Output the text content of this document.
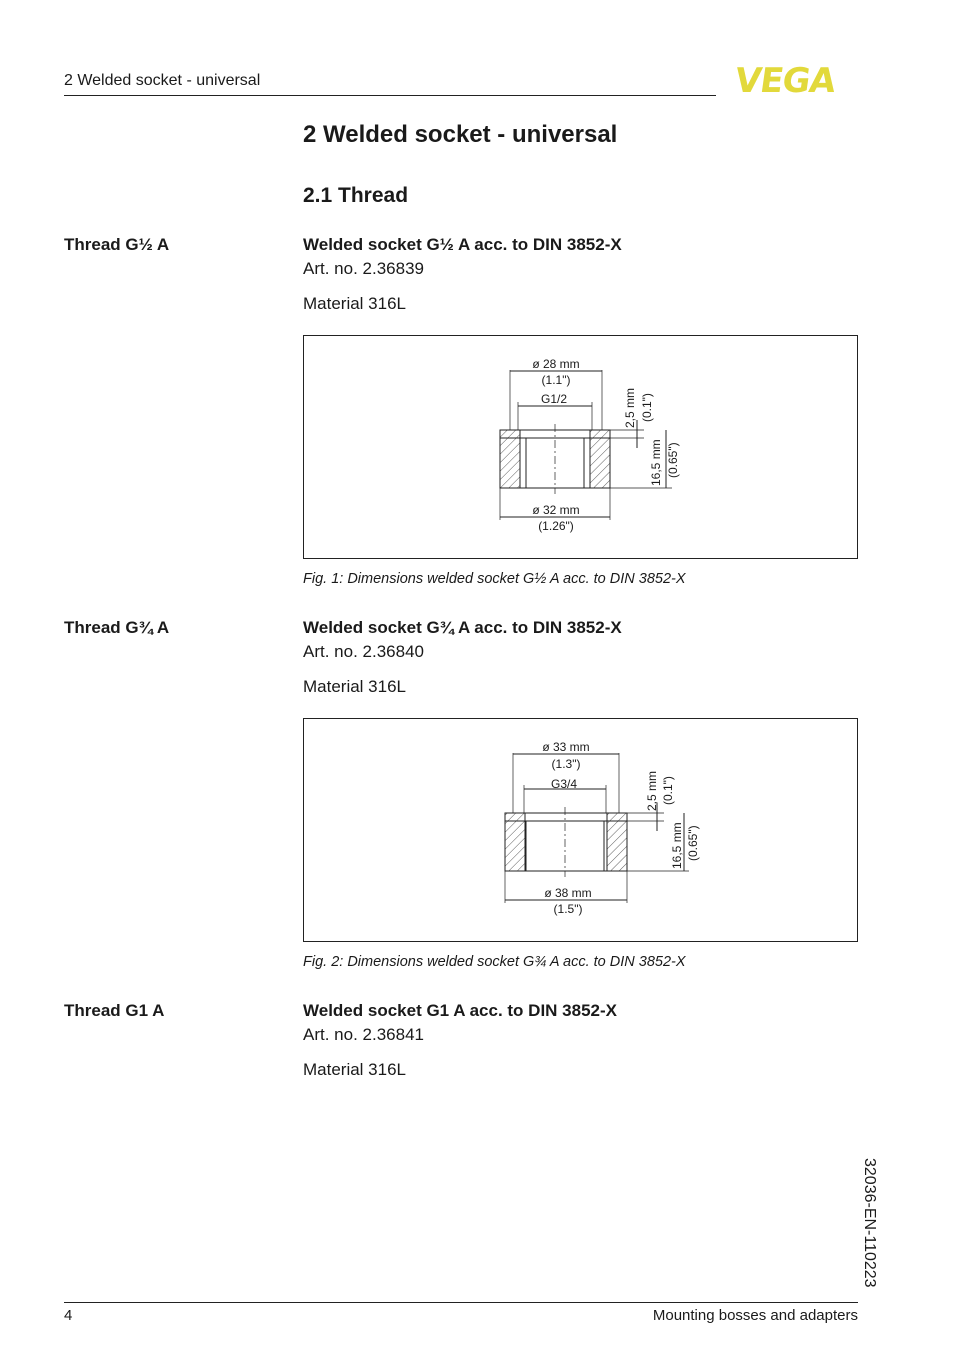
2 Welded socket - universal	VEGA
2 Welded socket - universal
2.1 Thread
Thread G½ A	Welded socket G½ A acc. to DIN 3852-X
Art. no. 2.36839
Material 316L
ø 28 mm
(1.1")
G1/2
ø 32 mm
(1.26")
2,5 mm (0.1")
16,5 mm (0.65")
Fig. 1: Dimensions welded socket G½ A acc. to DIN 3852-X
Thread G¾ A	Welded socket G¾ A acc. to DIN 3852-X
Art. no. 2.36840
Material 316L
ø 33 mm
(1.3")
G3/4
ø 38 mm
(1.5")
2,5 mm (0.1")
16,5 mm (0.65")
Fig. 2: Dimensions welded socket G¾ A acc. to DIN 3852-X
Thread G1 A	Welded socket G1 A acc. to DIN 3852-X
Art. no. 2.36841
Material 316L
32036-EN-110223
4	Mounting bosses and adapters
